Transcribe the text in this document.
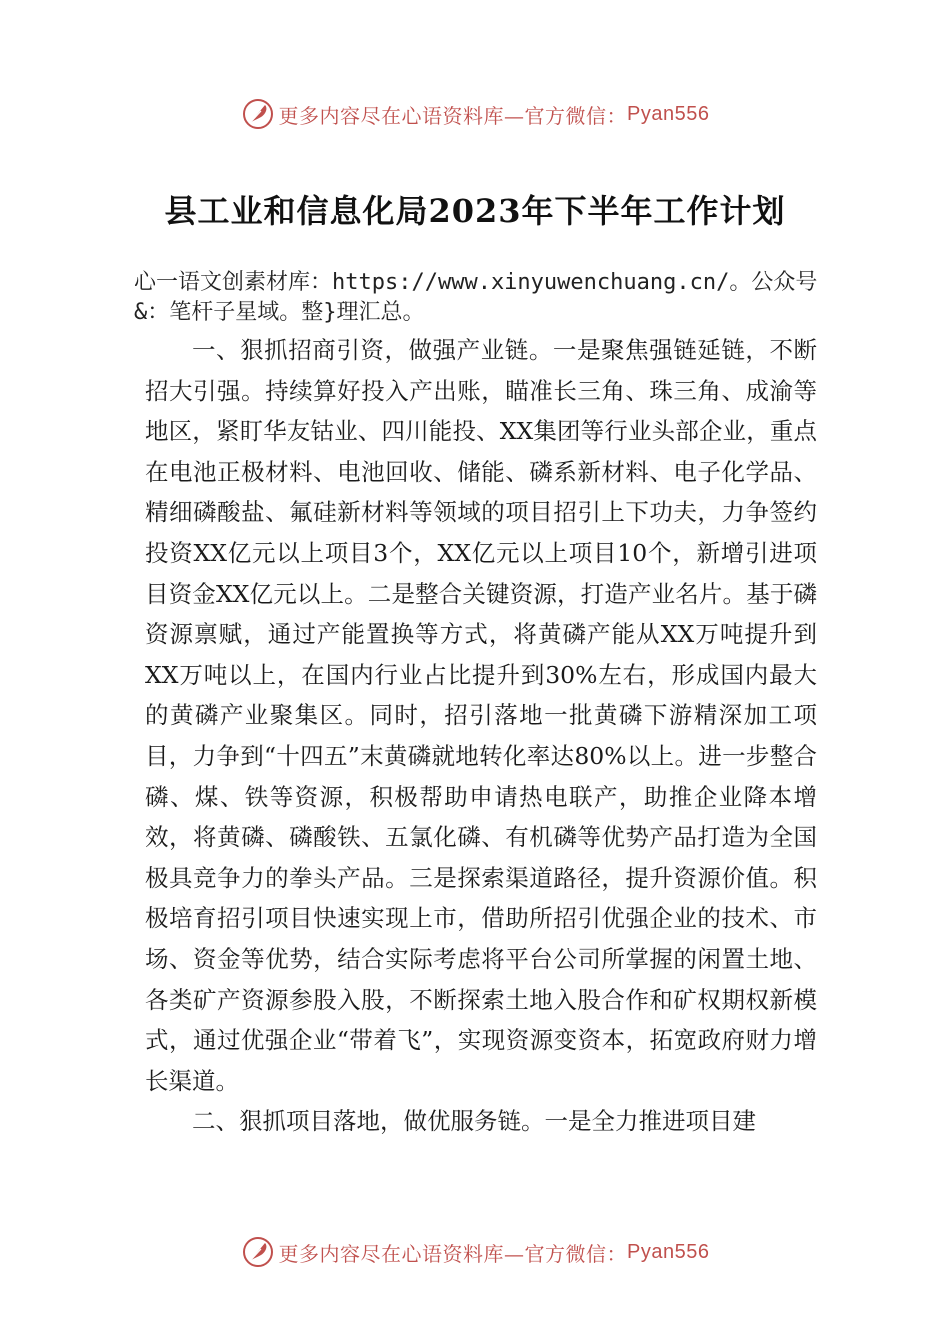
更多内容尽在心语资料库—官方微信： Pyan556
县工业和信息化局2023年下半年工作计划

心一语文创素材库：https://www.xinyuwenchuang.cn/。公众号&：笔杆子星域。整}理汇总。

一、狠抓招商引资，做强产业链。一是聚焦强链延链，不断招大引强。持续算好投入产出账，瞄准长三角、珠三角、成渝等地区，紧盯华友钴业、四川能投、XX集团等行业头部企业，重点在电池正极材料、电池回收、储能、磷系新材料、电子化学品、精细磷酸盐、氟硅新材料等领域的项目招引上下功夫，力争签约投资XX亿元以上项目3个，XX亿元以上项目10个，新增引进项目资金XX亿元以上。二是整合关键资源，打造产业名片。基于磷资源禀赋，通过产能置换等方式，将黄磷产能从XX万吨提升到XX万吨以上，在国内行业占比提升到30%左右，形成国内最大的黄磷产业聚集区。同时，招引落地一批黄磷下游精深加工项目，力争到“十四五”末黄磷就地转化率达80%以上。进一步整合磷、煤、铁等资源，积极帮助申请热电联产，助推企业降本增效，将黄磷、磷酸铁、五氯化磷、有机磷等优势产品打造为全国极具竞争力的拳头产品。三是探索渠道路径，提升资源价值。积极培育招引项目快速实现上市，借助所招引优强企业的技术、市场、资金等优势，结合实际考虑将平台公司所掌握的闲置土地、各类矿产资源参股入股，不断探索土地入股合作和矿权期权新模式，通过优强企业“带着飞”，实现资源变资本，拓宽政府财力增长渠道。

二、狠抓项目落地，做优服务链。一是全力推进项目建

更多内容尽在心语资料库—官方微信： Pyan556
